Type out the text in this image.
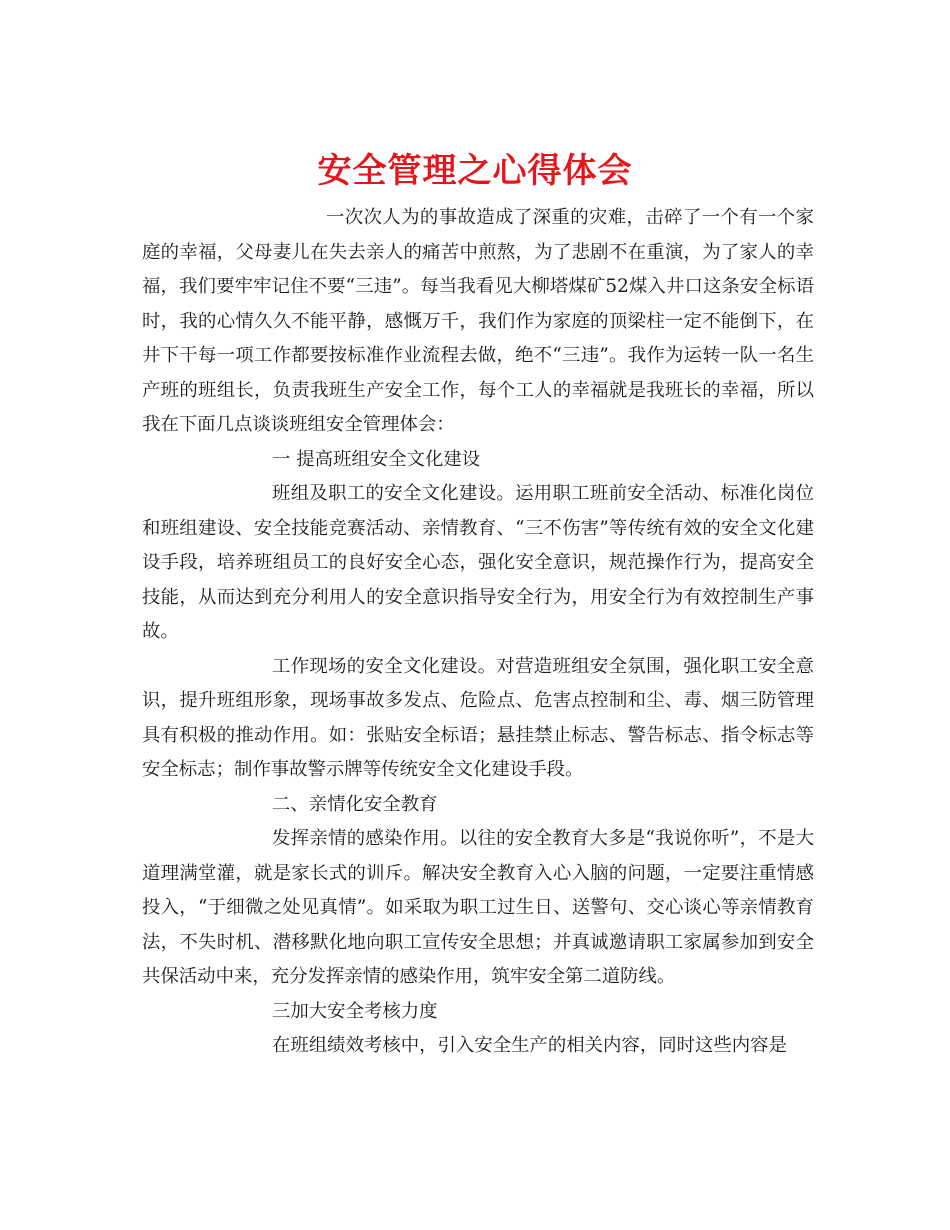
安全管理之心得体会

一次次人为的事故造成了深重的灾难，击碎了一个有一个家庭的幸福，父母妻儿在失去亲人的痛苦中煎熬，为了悲剧不在重演，为了家人的幸福，我们要牢牢记住不要“三违”。每当我看见大柳塔煤矿52煤入井口这条安全标语时，我的心情久久不能平静，感慨万千，我们作为家庭的顶梁柱一定不能倒下，在井下干每一项工作都要按标准作业流程去做，绝不“三违”。我作为运转一队一名生产班的班组长，负责我班生产安全工作，每个工人的幸福就是我班长的幸福，所以我在下面几点谈谈班组安全管理体会：

一 提高班组安全文化建设

班组及职工的安全文化建设。运用职工班前安全活动、标准化岗位和班组建设、安全技能竞赛活动、亲情教育、“三不伤害”等传统有效的安全文化建设手段，培养班组员工的良好安全心态，强化安全意识，规范操作行为，提高安全技能，从而达到充分利用人的安全意识指导安全行为，用安全行为有效控制生产事故。

工作现场的安全文化建设。对营造班组安全氛围，强化职工安全意识，提升班组形象，现场事故多发点、危险点、危害点控制和尘、毒、烟三防管理具有积极的推动作用。如：张贴安全标语；悬挂禁止标志、警告标志、指令标志等安全标志；制作事故警示牌等传统安全文化建设手段。

二、亲情化安全教育

发挥亲情的感染作用。以往的安全教育大多是“我说你听”，不是大道理满堂灌，就是家长式的训斥。解决安全教育入心入脑的问题，一定要注重情感投入，“于细微之处见真情”。如采取为职工过生日、送警句、交心谈心等亲情教育法，不失时机、潜移默化地向职工宣传安全思想；并真诚邀请职工家属参加到安全共保活动中来，充分发挥亲情的感染作用，筑牢安全第二道防线。

三加大安全考核力度

在班组绩效考核中，引入安全生产的相关内容，同时这些内容是
